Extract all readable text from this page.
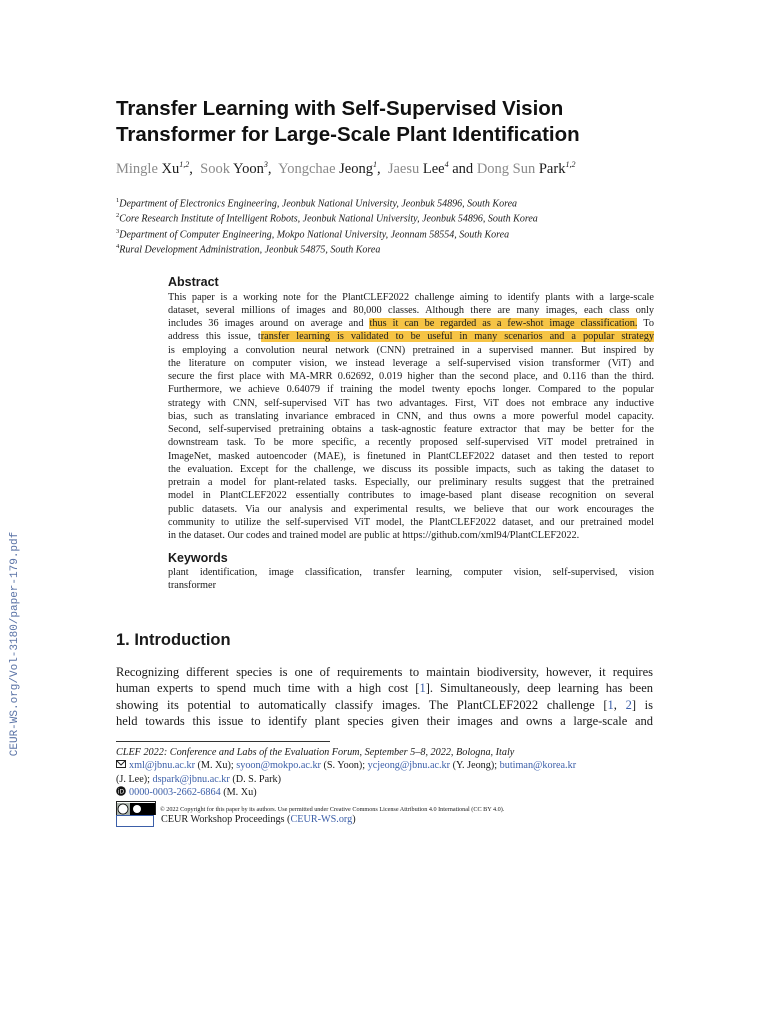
CEUR-WS.org/Vol-3180/paper-179.pdf
Transfer Learning with Self-Supervised Vision
Transformer for Large-Scale Plant Identification
Mingle Xu$^{1,2}$,  Sook Yoon$^3$,  Yongchae Jeong$^1$,  Jaesu Lee$^4$ and Dong Sun Park$^{1,2}$
$^1$Department of Electronics Engineering, Jeonbuk National University, Jeonbuk 54896, South Korea
$^2$Core Research Institute of Intelligent Robots, Jeonbuk National University, Jeonbuk 54896, South Korea
$^3$Department of Computer Engineering, Mokpo National University, Jeonnam 58554, South Korea
$^4$Rural Development Administration, Jeonbuk 54875, South Korea
Abstract
This paper is a working note for the PlantCLEF2022 challenge aiming to identify plants with a large-scale
dataset, several millions of images and 80,000 classes. Although there are many images, each class only
includes 36 images around on average and thus it can be regarded as a few-shot image classification. To
address this issue, transfer learning is validated to be useful in many scenarios and a popular strategy
is employing a convolution neural network (CNN) pretrained in a supervised manner. But inspired by
the literature on computer vision, we instead leverage a self-supervised vision transformer (ViT) and
secure the first place with MA-MRR 0.62692, 0.019 higher than the second place, and 0.116 than the third.
Furthermore, we achieve 0.64079 if training the model twenty epochs longer. Compared to the popular
strategy with CNN, self-supervised ViT has two advantages. First, ViT does not embrace any inductive
bias, such as translating invariance embraced in CNN, and thus owns a more powerful model capacity.
Second, self-supervised pretraining obtains a task-agnostic feature extractor that may be better for the
downstream task. To be more specific, a recently proposed self-supervised ViT model pretrained in
ImageNet, masked autoencoder (MAE), is finetuned in PlantCLEF2022 dataset and then tested to report
the evaluation. Except for the challenge, we discuss its possible impacts, such as taking the dataset to
pretrain a model for plant-related tasks. Especially, our preliminary results suggest that the pretrained
model in PlantCLEF2022 essentially contributes to image-based plant disease recognition on several
public datasets. Via our analysis and experimental results, we believe that our work encourages the
community to utilize the self-supervised ViT model, the PlantCLEF2022 dataset, and our pretrained model
in the dataset. Our codes and trained model are public at https://github.com/xml94/PlantCLEF2022.
Keywords
plant identification, image classification, transfer learning, computer vision, self-supervised, vision
transformer
1. Introduction
Recognizing different species is one of requirements to maintain biodiversity, however, it requires
human experts to spend much time with a high cost [1]. Simultaneously, deep learning has been
showing its potential to automatically classify images. The PlantCLEF2022 challenge [1, 2] is
held towards this issue to identify plant species given their images and owns a large-scale and
CLEF 2022: Conference and Labs of the Evaluation Forum, September 5–8, 2022, Bologna, Italy
xml@jbnu.ac.kr (M. Xu); syoon@mokpo.ac.kr (S. Yoon); ycjeong@jbnu.ac.kr (Y. Jeong); butiman@korea.kr
(J. Lee); dspark@jbnu.ac.kr (D. S. Park)
iD 0000-0003-2662-6864 (M. Xu)
© 2022 Copyright for this paper by its authors. Use permitted under Creative Commons License Attribution 4.0 International (CC BY 4.0).
CEUR Workshop Proceedings (CEUR-WS.org)
